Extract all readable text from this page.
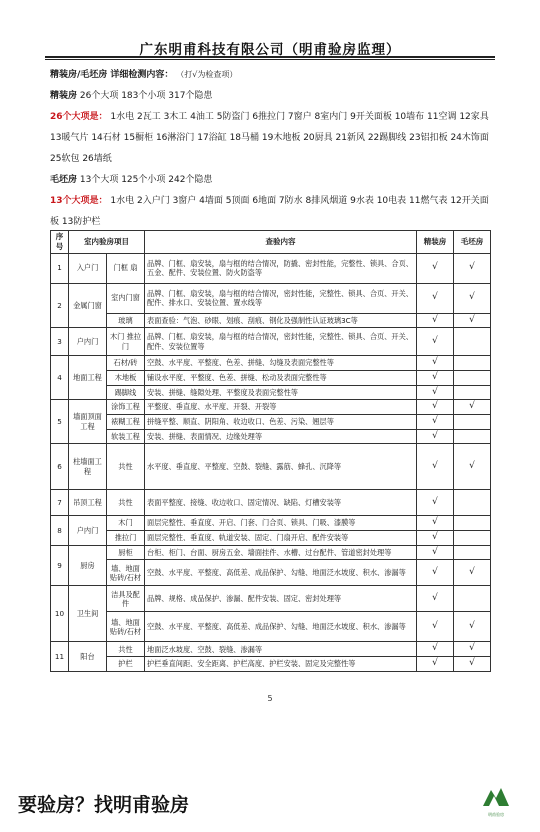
广东明甫科技有限公司（明甫验房监理）

精装房/毛坯房 详细检测内容： （打√为检查项）

精装房 26个大项 183个小项 317个隐患

26个大项是： 1水电 2瓦工 3木工 4油工 5防盗门 6推拉门 7窗户 8室内门 9开关面板 10墙布 11空调 12家具 13暖气片 14石材 15橱柜 16淋浴门 17浴缸 18马桶 19木地板 20厨具 21新风 22踢脚线 23铝扣板 24木饰面 25软包 26墙纸

毛坯房 13个大项 125个小项 242个隐患

13个大项是： 1水电 2入户门 3窗户 4墙面 5顶面 6地面 7防水 8排风烟道 9水表 10电表 11燃气表 12开关面板 13防护栏

序号	室内验房项目		查验内容	精装房	毛坯房
1	入户门	门框 扇	品牌、门框、扇安装，扇与框的结合情况，防撬、密封性能，完整性、锁具、合页、五金、配件、安装位置、防火防盗等	√	√
2	金属门窗	室内门窗	品牌、门框、扇安装，扇与框的结合情况，密封性能，完整性、锁具、合页、开关、配件、排水口、安装位置、置水线等	√	√
		玻璃	表面查验：气泡、砂眼、划痕、刮痕、钢化及强制性认证玻璃3C等	√	√
3	户内门	木门 推拉门	品牌、门框、扇安装，扇与框的结合情况，密封性能，完整性、锁具、合页、开关、配件、安装位置等	√	
4	地面工程	石材/砖	空鼓、水平度、平整度、色差、拼缝、勾缝及表面完整性等	√	
		木地板	铺设水平度、平整度、色差、拼缝、松动及表面完整性等	√	
		踢脚线	安装、拼缝、缝隙处理、平整度及表面完整性等	√	
5	墙面顶面工程	涂饰工程	平整度、垂直度、水平度、开裂、开裂等	√	√
		裱糊工程	拼缝平整、顺直、阴阳角、收边收口、色差、污染、翘层等	√	
		软装工程	安装、拼缝、表面情况、边缘处理等	√	
6	柱墙面工程	共性	水平度、垂直度、平整度、空鼓、裂缝、露筋、蜂孔、沉降等	√	√
7	吊顶工程	共性	表面平整度、接缝、收边收口、固定情况、缺陷、灯槽安装等	√	
8	户内门	木门	面层完整性、垂直度、开启、门套、门合页、锁具、门吸、漆膜等	√	
		推拉门	面层完整性、垂直度、轨道安装、固定、门扇开启、配件安装等	√	
9	厨房	厨柜	台柜、柜门、台面、厨房五金、墙面挂件、水槽、过台配件、管道密封处理等	√	
		墙、地面贴砖/石材	空鼓、水平度、平整度、高低差、成品保护、勾缝、地面泛水坡度、积水、渗漏等	√	√
10	卫生间	洁具及配件	品牌、规格、成品保护、渗漏、配件安装、固定、密封处理等	√	
		墙、地面贴砖/石材	空鼓、水平度、平整度、高低差、成品保护、勾缝、地面泛水坡度、积水、渗漏等	√	√
11	阳台	共性	地面泛水坡度、空鼓、裂缝、渗漏等	√	√
		护栏	护栏垂直间距、安全距离、护栏高度、护栏安装、固定及完整性等	√	√
5
要验房？找明甫验房	明甫验房
